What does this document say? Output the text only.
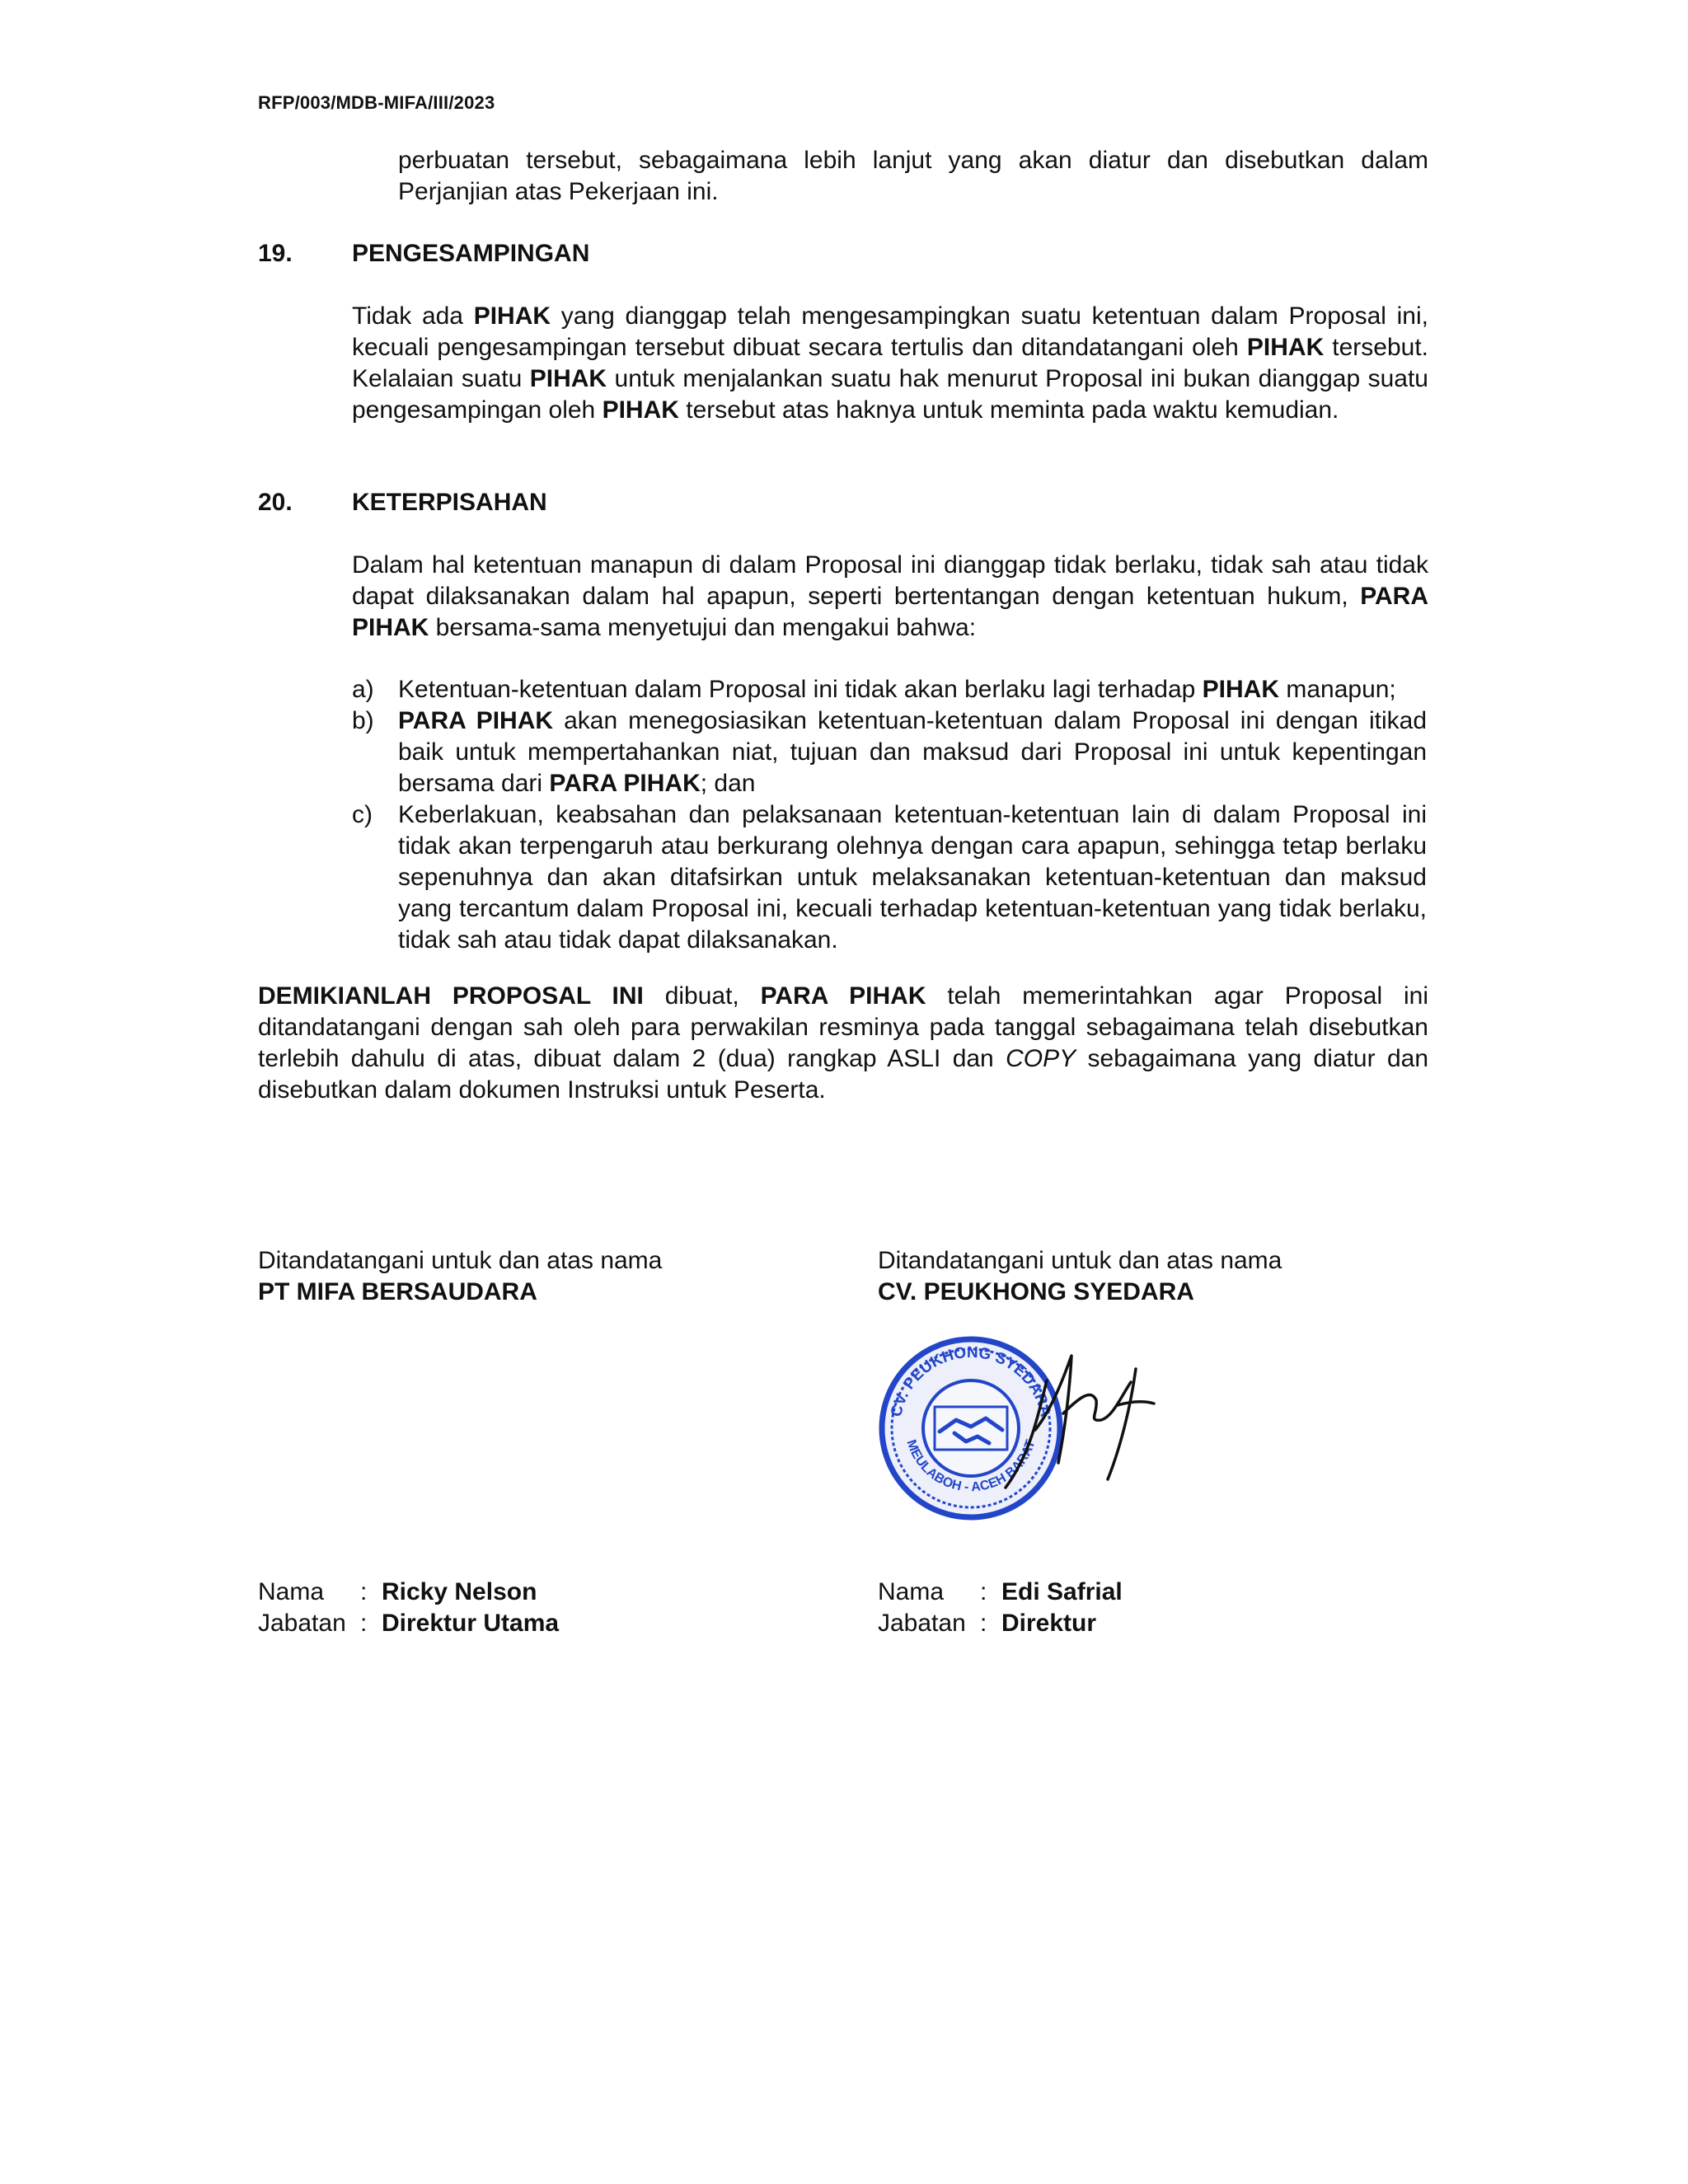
RFP/003/MDB-MIFA/III/2023

perbuatan tersebut, sebagaimana lebih lanjut yang akan diatur dan disebutkan dalam Perjanjian atas Pekerjaan ini.

19. PENGESAMPINGAN

Tidak ada PIHAK yang dianggap telah mengesampingkan suatu ketentuan dalam Proposal ini, kecuali pengesampingan tersebut dibuat secara tertulis dan ditandatangani oleh PIHAK tersebut. Kelalaian suatu PIHAK untuk menjalankan suatu hak menurut Proposal ini bukan dianggap suatu pengesampingan oleh PIHAK tersebut atas haknya untuk meminta pada waktu kemudian.

20. KETERPISAHAN

Dalam hal ketentuan manapun di dalam Proposal ini dianggap tidak berlaku, tidak sah atau tidak dapat dilaksanakan dalam hal apapun, seperti bertentangan dengan ketentuan hukum, PARA PIHAK bersama-sama menyetujui dan mengakui bahwa:

a) Ketentuan-ketentuan dalam Proposal ini tidak akan berlaku lagi terhadap PIHAK manapun;
b) PARA PIHAK akan menegosiasikan ketentuan-ketentuan dalam Proposal ini dengan itikad baik untuk mempertahankan niat, tujuan dan maksud dari Proposal ini untuk kepentingan bersama dari PARA PIHAK; dan
c) Keberlakuan, keabsahan dan pelaksanaan ketentuan-ketentuan lain di dalam Proposal ini tidak akan terpengaruh atau berkurang olehnya dengan cara apapun, sehingga tetap berlaku sepenuhnya dan akan ditafsirkan untuk melaksanakan ketentuan-ketentuan dan maksud yang tercantum dalam Proposal ini, kecuali terhadap ketentuan-ketentuan yang tidak berlaku, tidak sah atau tidak dapat dilaksanakan.

DEMIKIANLAH PROPOSAL INI dibuat, PARA PIHAK telah memerintahkan agar Proposal ini ditandatangani dengan sah oleh para perwakilan resminya pada tanggal sebagaimana telah disebutkan terlebih dahulu di atas, dibuat dalam 2 (dua) rangkap ASLI dan COPY sebagaimana yang diatur dan disebutkan dalam dokumen Instruksi untuk Peserta.

Ditandatangani untuk dan atas nama
PT MIFA BERSAUDARA
Ditandatangani untuk dan atas nama
CV. PEUKHONG SYEDARA
CV. PEUKHONG SYEDARA
MEULABOH - ACEH BARAT
Nama : Ricky Nelson
Jabatan : Direktur Utama
Nama : Edi Safrial
Jabatan : Direktur
